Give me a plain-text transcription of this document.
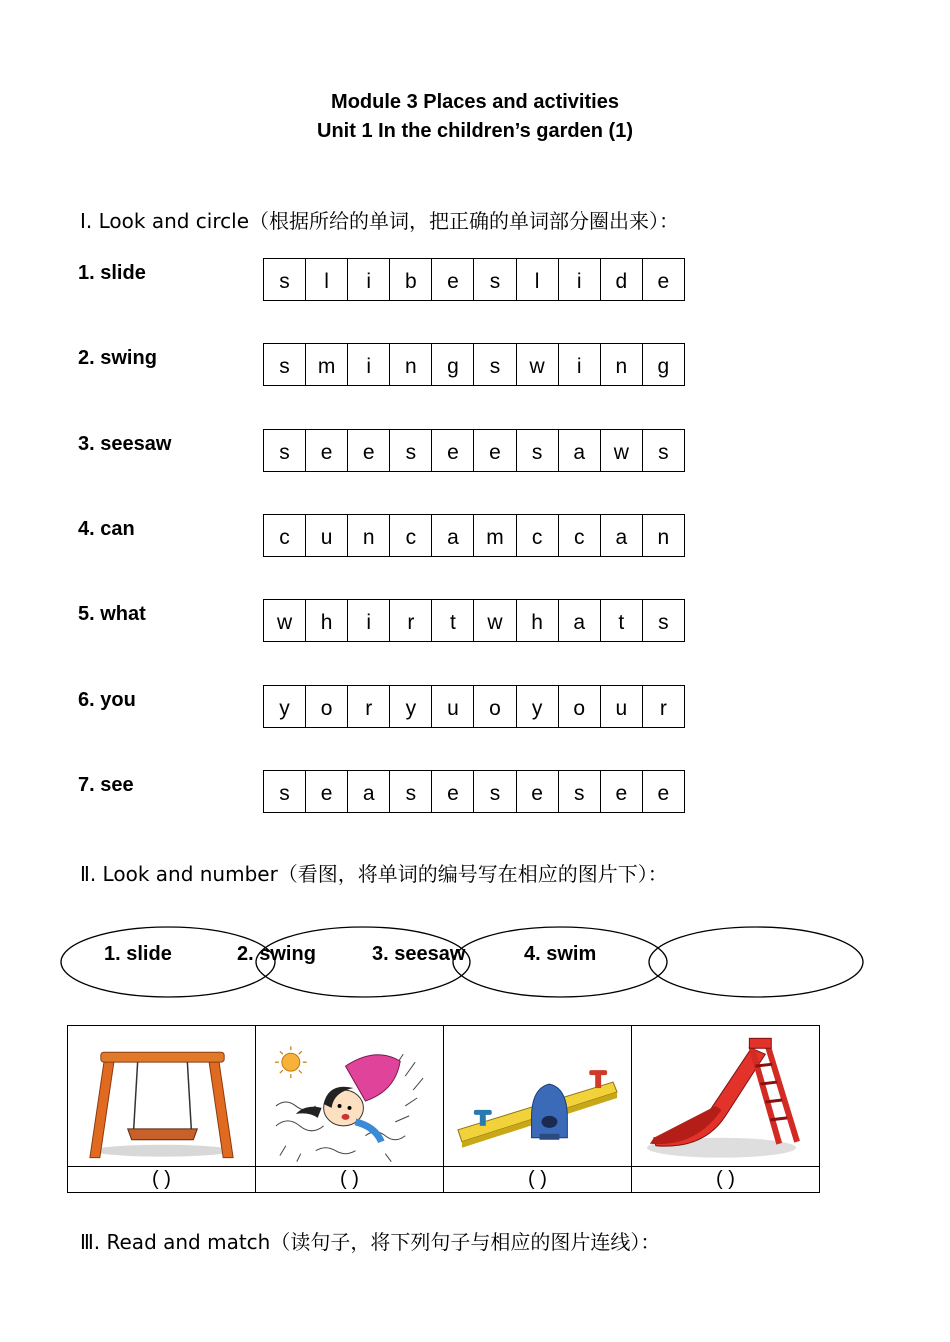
Module 3 Places and activities
Unit 1 In the children’s garden (1)
Ⅰ. Look and circle（根据所给的单词，把正确的单词部分圈出来）：
1. slide	s	l	i	b	e	s	l	i	d	e
2. swing	s	m	i	n	g	s	w	i	n	g
3. seesaw	s	e	e	s	e	e	s	a	w	s
4. can	c	u	n	c	a	m	c	c	a	n
5. what	w	h	i	r	t	w	h	a	t	s
6. you	y	o	r	y	u	o	y	o	u	r
7. see	s	e	a	s	e	s	e	s	e	e
Ⅱ. Look and number（看图，将单词的编号写在相应的图片下）：
1. slide	2. swing	3. seesaw	4. swim
( )	( )	( )	( )
Ⅲ. Read and match（读句子，将下列句子与相应的图片连线）：
